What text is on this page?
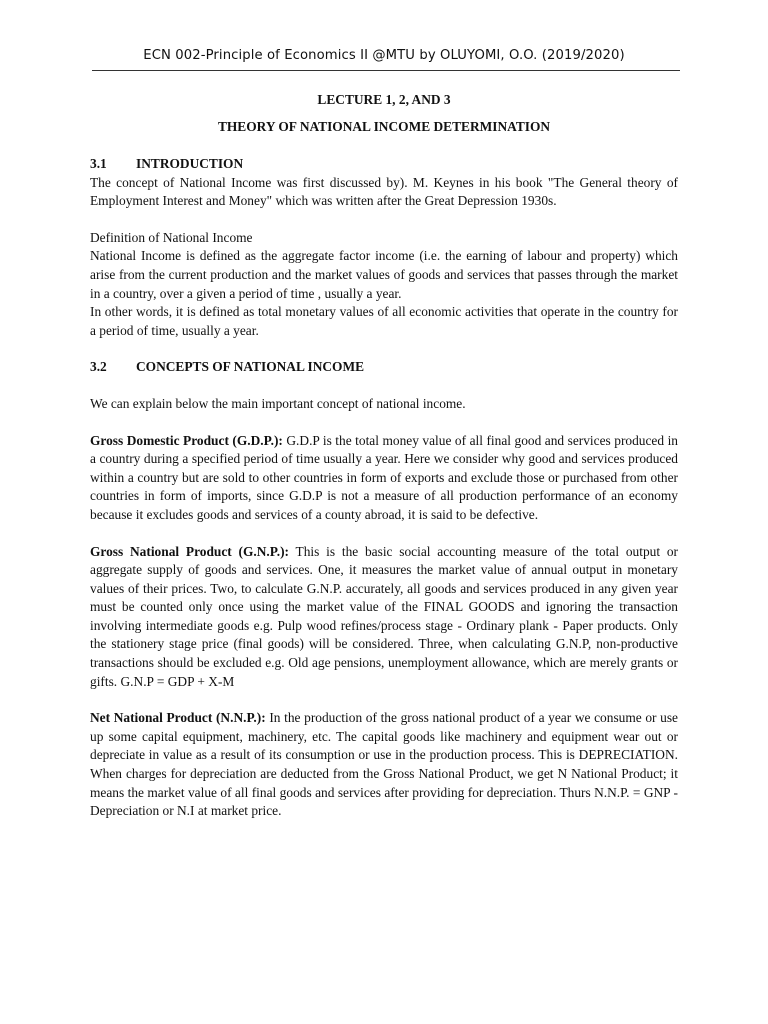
ECN 002-Principle of Economics II @MTU by OLUYOMI, O.O. (2019/2020)

LECTURE 1, 2, AND 3

THEORY OF NATIONAL INCOME DETERMINATION

3.1 INTRODUCTION

The concept of National Income was first discussed by). M. Keynes in his book "The General theory of Employment Interest and Money" which was written after the Great Depression 1930s.

Definition of National Income

National Income is defined as the aggregate factor income (i.e. the earning of labour and property) which arise from the current production and the market values of goods and services that passes through the market in a country, over a given a period of time , usually a year.

In other words, it is defined as total monetary values of all economic activities that operate in the country for a period of time, usually a year.

3.2 CONCEPTS OF NATIONAL INCOME

We can explain below the main important concept of national income.

Gross Domestic Product (G.D.P.): G.D.P is the total money value of all final good and services produced in a country during a specified period of time usually a year. Here we consider why good and services produced within a country but are sold to other countries in form of exports and exclude those or purchased from other countries in form of imports, since G.D.P is not a measure of all production performance of an economy because it excludes goods and services of a county abroad, it is said to be defective.

Gross National Product (G.N.P.): This is the basic social accounting measure of the total output or aggregate supply of goods and services. One, it measures the market value of annual output in monetary values of their prices. Two, to calculate G.N.P. accurately, all goods and services produced in any given year must be counted only once using the market value of the FINAL GOODS and ignoring the transaction involving intermediate goods e.g. Pulp wood refines/process stage - Ordinary plank - Paper products. Only the stationery stage price (final goods) will be considered. Three, when calculating G.N.P, non-productive transactions should be excluded e.g. Old age pensions, unemployment allowance, which are merely grants or gifts. G.N.P = GDP + X-M

Net National Product (N.N.P.): In the production of the gross national product of a year we consume or use up some capital equipment, machinery, etc. The capital goods like machinery and equipment wear out or depreciate in value as a result of its consumption or use in the production process. This is DEPRECIATION. When charges for depreciation are deducted from the Gross National Product, we get N National Product; it means the market value of all final goods and services after providing for depreciation. Thurs N.N.P. = GNP - Depreciation or N.I at market price.
